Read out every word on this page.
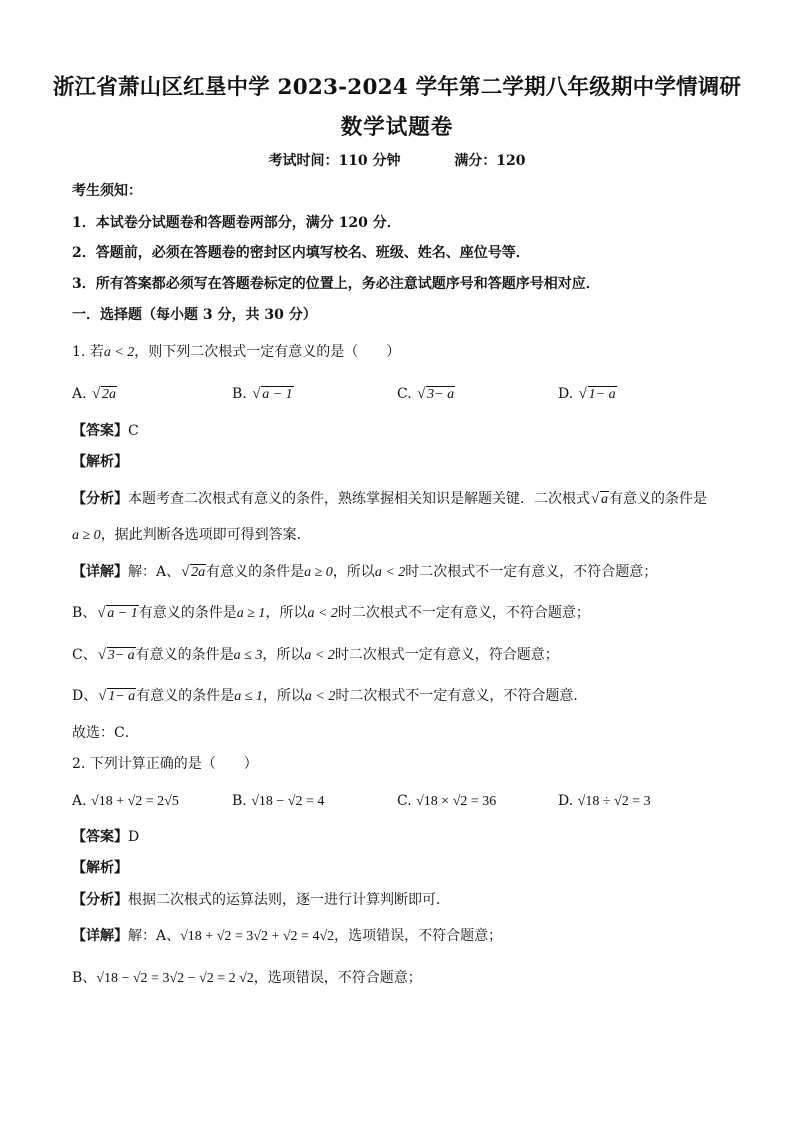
浙江省萧山区红垦中学 2023-2024 学年第二学期八年级期中学情调研
数学试题卷
考试时间：110 分钟	满分：120
考生须知：
1．本试卷分试题卷和答题卷两部分，满分 120 分．
2．答题前，必须在答题卷的密封区内填写校名、班级、姓名、座位号等．
3．所有答案都必须写在答题卷标定的位置上，务必注意试题序号和答题序号相对应．
一．选择题（每小题 3 分，共 30 分）
1. 若a < 2，则下列二次根式一定有意义的是（　　）
A. √ 2a	B. √ a − 1	C. √ 3− a	D. √ 1− a
【答案】C
【解析】
【分析】本题考查二次根式有意义的条件，熟练掌握相关知识是解题关键．二次根式 √ a有意义的条件是
a ≥ 0，据此判断各选项即可得到答案．
【详解】解：A、 √ 2a有意义的条件是a ≥ 0，所以a < 2时二次根式不一定有意义，不符合题意；
B、 √ a − 1有意义的条件是a ≥ 1，所以a < 2时二次根式不一定有意义，不符合题意；
C、 √ 3− a有意义的条件是a ≤ 3，所以a < 2时二次根式一定有意义，符合题意；
D、 √ 1− a有意义的条件是a ≤ 1，所以a < 2时二次根式不一定有意义，不符合题意．
故选：C．
2. 下列计算正确的是（　　）
A. √18 + √2 = 2√5	B. √18 − √2 = 4	C. √18 × √2 = 36	D. √18 ÷ √2 = 3
【答案】D
【解析】
【分析】根据二次根式的运算法则，逐一进行计算判断即可．
【详解】解：A、√18 + √2 = 3√2 + √2 = 4√2，选项错误，不符合题意；
B、√18 − √2 = 3√2 − √2 = 2 √2，选项错误，不符合题意；
